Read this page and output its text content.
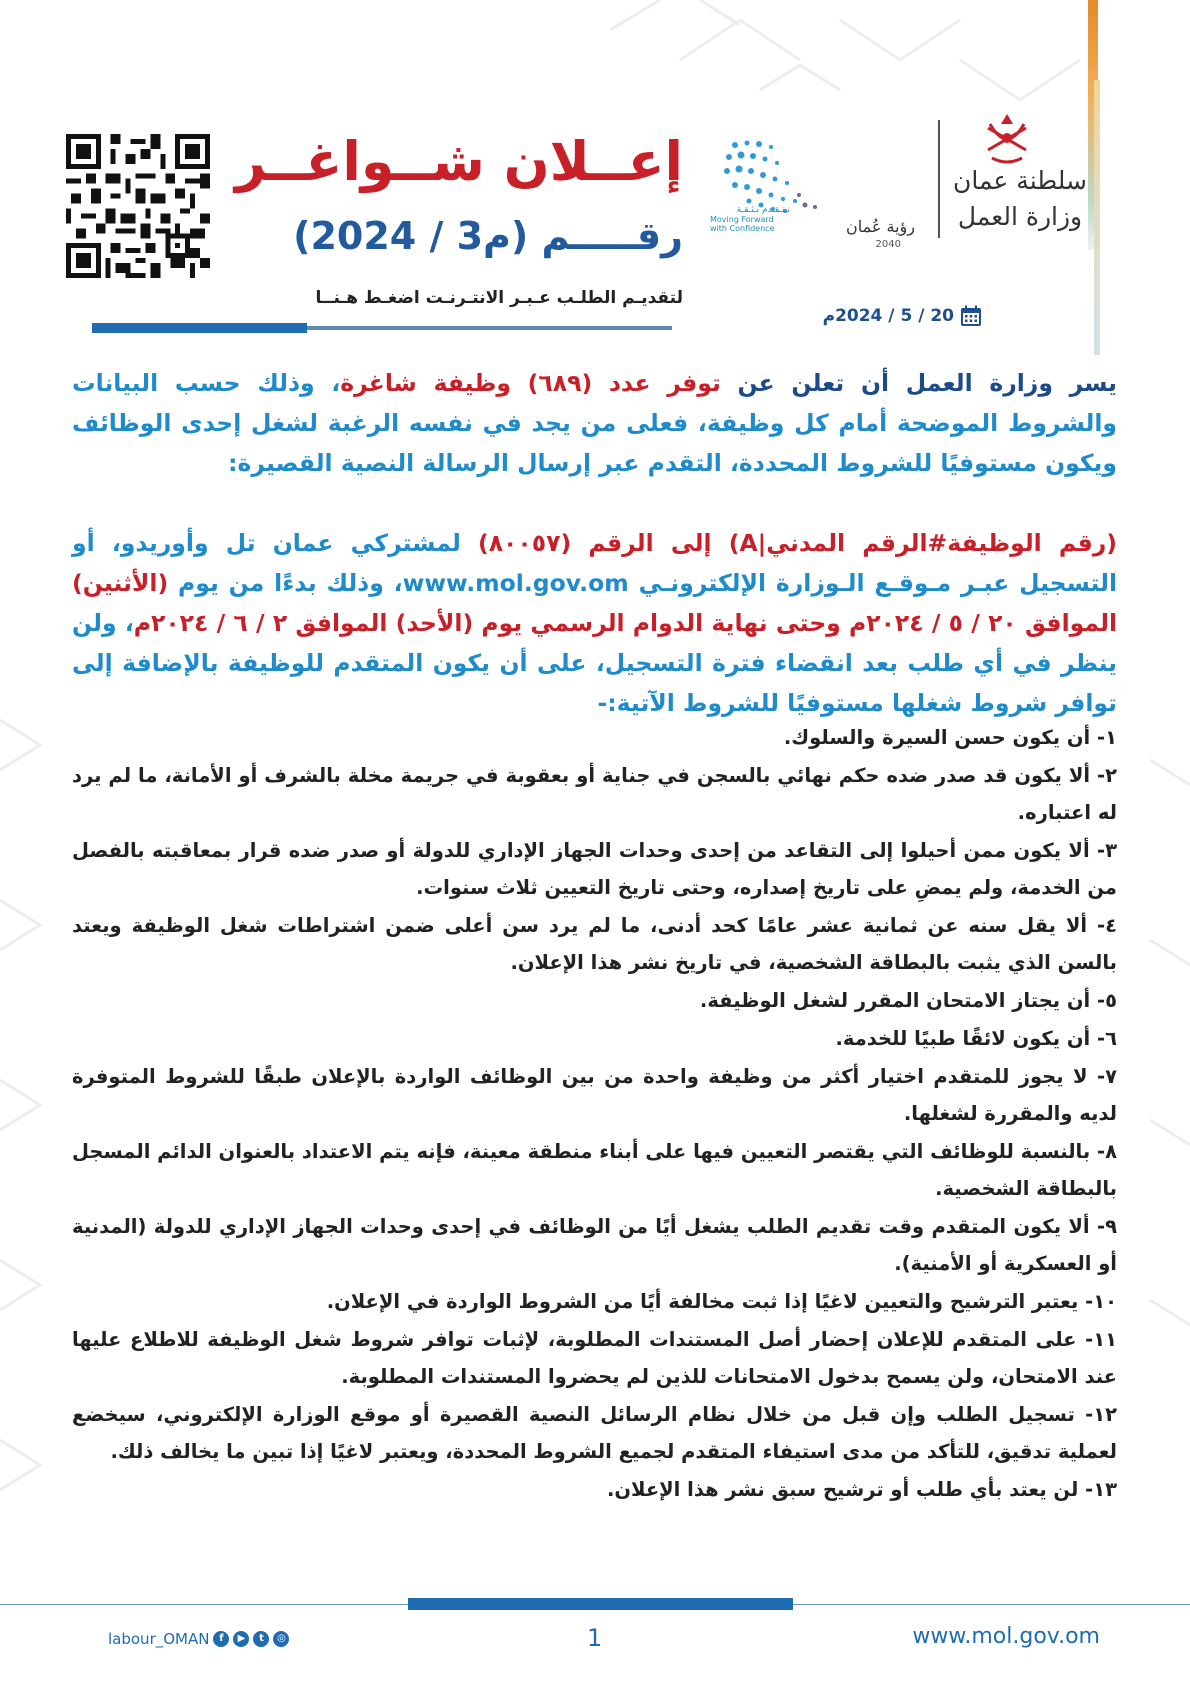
سلطنة عمان
وزارة العمل
رؤية عُمان
2040
نـتـقـدم بـثـقـة
Moving Forward
with Confidence
إعــلان شــواغــر
رقـــــم (م3 / 2024)
لتقديـم الطلـب عـبـر الانتـرنـت اضغـط هـنــا
20 / 5 / 2024م

يسر وزارة العمل أن تعلن عن توفر عدد (٦٨٩) وظيفة شاغرة، وذلك حسب البيانات والشروط الموضحة أمام كل وظيفة، فعلى من يجد في نفسه الرغبة لشغل إحدى الوظائف ويكون مستوفيًا للشروط المحددة، التقدم عبر إرسال الرسالة النصية القصيرة:

(رقم الوظيفة#الرقم المدني|A) إلى الرقم (٨٠٠٥٧) لمشتركي عمان تل وأوريدو، أو التسجيل عبـر مـوقـع الـوزارة الإلكترونـي www.mol.gov.om، وذلك بدءًا من يوم (الأثنين) الموافق ٢٠ / ٥ / ٢٠٢٤م وحتى نهاية الدوام الرسمي يوم (الأحد) الموافق ٢ / ٦ / ٢٠٢٤م، ولن ينظر في أي طلب بعد انقضاء فترة التسجيل، على أن يكون المتقدم للوظيفة بالإضافة إلى توافر شروط شغلها مستوفيًا للشروط الآتية:-

١- أن يكون حسن السيرة والسلوك.
٢- ألا يكون قد صدر ضده حكم نهائي بالسجن في جناية أو بعقوبة في جريمة مخلة بالشرف أو الأمانة، ما لم يرد له اعتباره.
٣- ألا يكون ممن أحيلوا إلى التقاعد من إحدى وحدات الجهاز الإداري للدولة أو صدر ضده قرار بمعاقبته بالفصل من الخدمة، ولم يمضِ على تاريخ إصداره، وحتى تاريخ التعيين ثلاث سنوات.
٤- ألا يقل سنه عن ثمانية عشر عامًا كحد أدنى، ما لم يرد سن أعلى ضمن اشتراطات شغل الوظيفة ويعتد بالسن الذي يثبت بالبطاقة الشخصية، في تاريخ نشر هذا الإعلان.
٥- أن يجتاز الامتحان المقرر لشغل الوظيفة.
٦- أن يكون لائقًا طبيًا للخدمة.
٧- لا يجوز للمتقدم اختيار أكثر من وظيفة واحدة من بين الوظائف الواردة بالإعلان طبقًا للشروط المتوفرة لديه والمقررة لشغلها.
٨- بالنسبة للوظائف التي يقتصر التعيين فيها على أبناء منطقة معينة، فإنه يتم الاعتداد بالعنوان الدائم المسجل بالبطاقة الشخصية.
٩- ألا يكون المتقدم وقت تقديم الطلب يشغل أيًا من الوظائف في إحدى وحدات الجهاز الإداري للدولة (المدنية أو العسكرية أو الأمنية).
١٠- يعتبر الترشيح والتعيين لاغيًا إذا ثبت مخالفة أيًا من الشروط الواردة في الإعلان.
١١- على المتقدم للإعلان إحضار أصل المستندات المطلوبة، لإثبات توافر شروط شغل الوظيفة للاطلاع عليها عند الامتحان، ولن يسمح بدخول الامتحانات للذين لم يحضروا المستندات المطلوبة.
١٢- تسجيل الطلب وإن قبل من خلال نظام الرسائل النصية القصيرة أو موقع الوزارة الإلكتروني، سيخضع لعملية تدقيق، للتأكد من مدى استيفاء المتقدم لجميع الشروط المحددة، ويعتبر لاغيًا إذا تبين ما يخالف ذلك.
١٣- لن يعتد بأي طلب أو ترشيح سبق نشر هذا الإعلان.
labour_OMAN f	▶	t	◎	1	www.mol.gov.om
